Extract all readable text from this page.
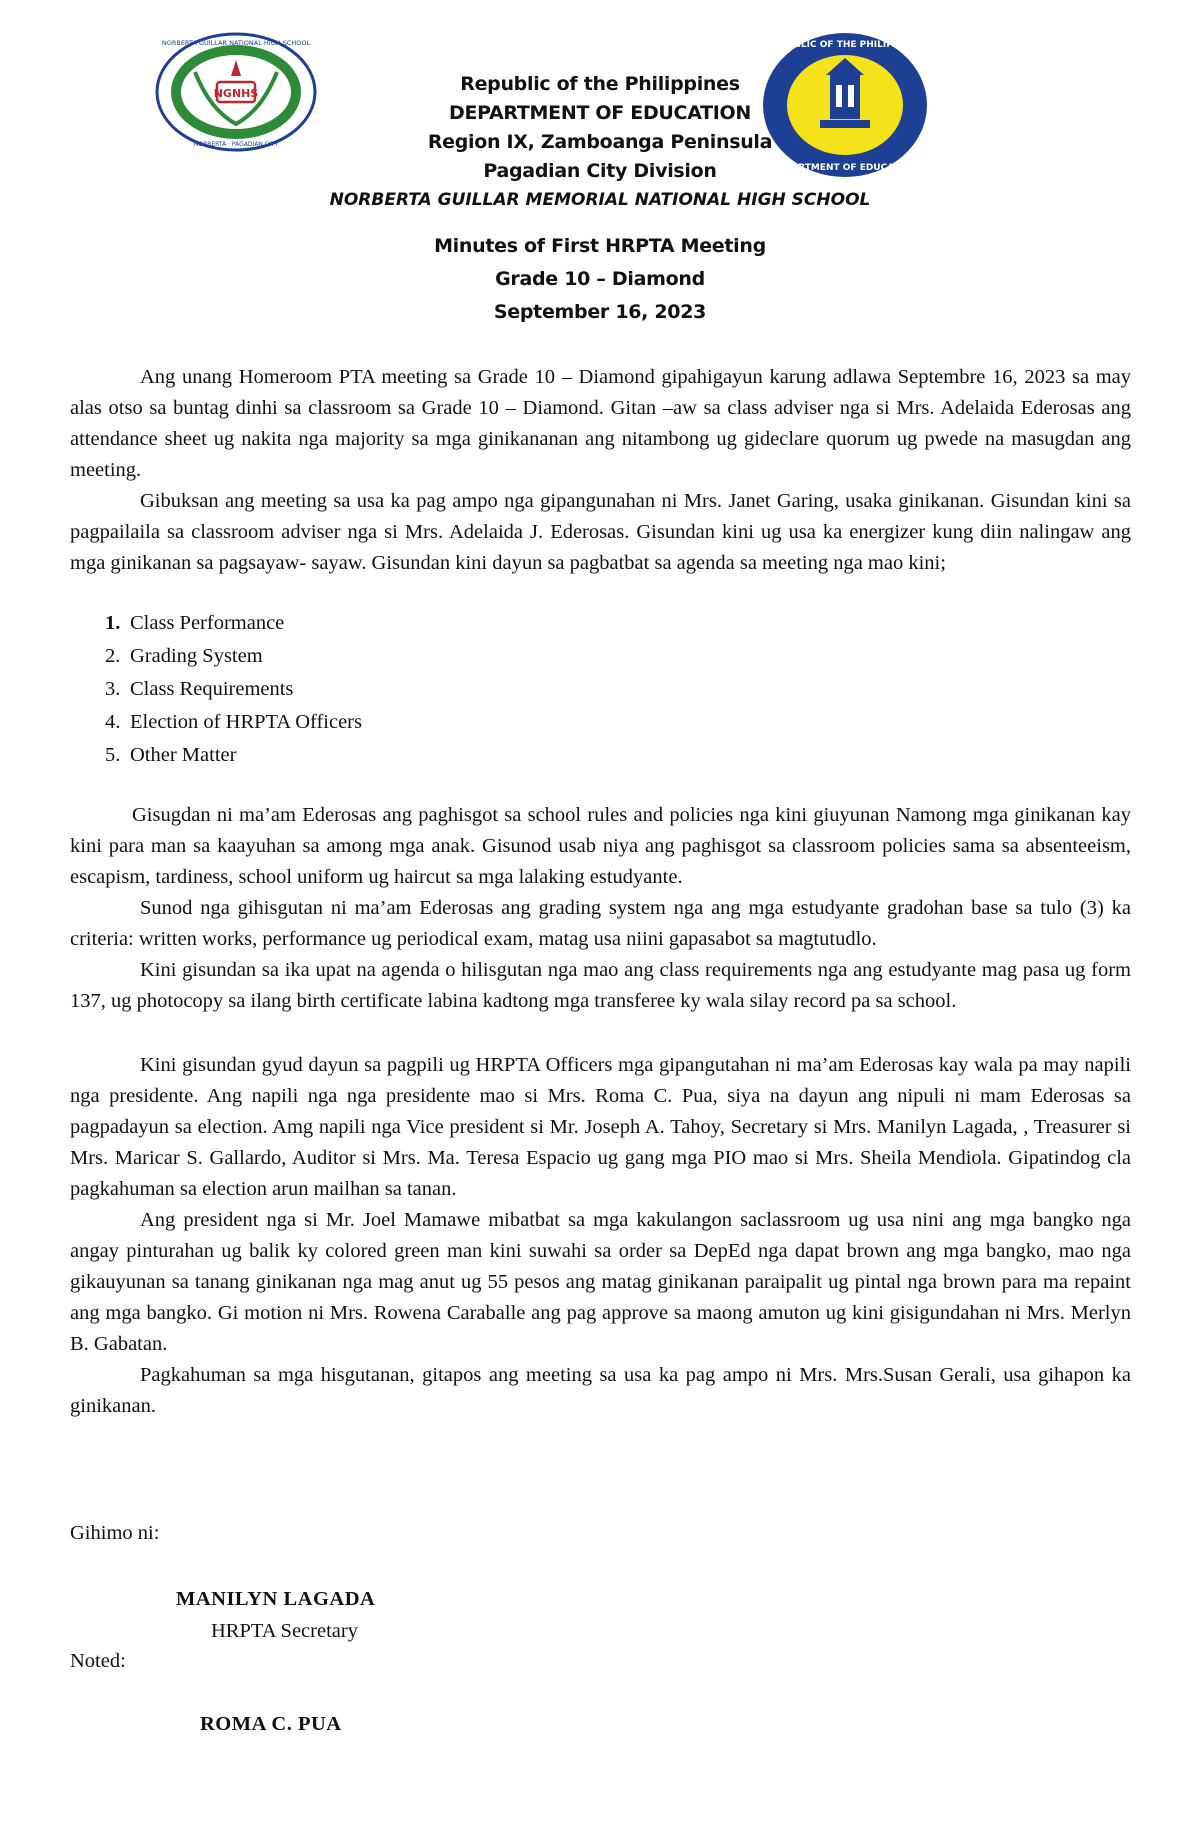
NGNHS
NORBERTA GUILLAR NATIONAL HIGH SCHOOL
NORBERTA · PAGADIAN CITY
REPUBLIC OF THE PHILIPPINES
DEPARTMENT OF EDUCATION
Republic of the Philippines
DEPARTMENT OF EDUCATION
Region IX, Zamboanga Peninsula
Pagadian City Division
NORBERTA GUILLAR MEMORIAL NATIONAL HIGH SCHOOL
Minutes of First HRPTA Meeting
Grade 10 – Diamond
September 16, 2023

Ang unang Homeroom PTA meeting sa Grade 10 – Diamond gipahigayun karung adlawa Septembre 16, 2023 sa may alas otso sa buntag dinhi sa classroom sa Grade 10 – Diamond. Gitan –aw sa class adviser nga si Mrs. Adelaida Ederosas ang attendance sheet ug nakita nga majority sa mga ginikananan ang nitambong ug gideclare quorum ug pwede na masugdan ang meeting.

Gibuksan ang meeting sa usa ka pag ampo nga gipangunahan ni Mrs. Janet Garing, usaka ginikanan. Gisundan kini sa pagpailaila sa classroom adviser nga si Mrs. Adelaida J. Ederosas. Gisundan kini ug usa ka energizer kung diin nalingaw ang mga ginikanan sa pagsayaw- sayaw. Gisundan kini dayun sa pagbatbat sa agenda sa meeting nga mao kini;

1. Class Performance
2. Grading System
3. Class Requirements
4. Election of HRPTA Officers
5. Other Matter

Gisugdan ni ma’am Ederosas ang paghisgot sa school rules and policies nga kini giuyunan Namong mga ginikanan kay kini para man sa kaayuhan sa among mga anak. Gisunod usab niya ang paghisgot sa classroom policies sama sa absenteeism, escapism, tardiness, school uniform ug haircut sa mga lalaking estudyante.

Sunod nga gihisgutan ni ma’am Ederosas ang grading system nga ang mga estudyante gradohan base sa tulo (3) ka criteria: written works, performance ug periodical exam, matag usa niini gapasabot sa magtutudlo.

Kini gisundan sa ika upat na agenda o hilisgutan nga mao ang class requirements nga ang estudyante mag pasa ug form 137, ug photocopy sa ilang birth certificate labina kadtong mga transferee ky wala silay record pa sa school.

Kini gisundan gyud dayun sa pagpili ug HRPTA Officers mga gipangutahan ni ma’am Ederosas kay wala pa may napili nga presidente. Ang napili nga nga presidente mao si Mrs. Roma C. Pua, siya na dayun ang nipuli ni mam Ederosas sa pagpadayun sa election. Amg napili nga Vice president si Mr. Joseph A. Tahoy, Secretary si Mrs. Manilyn Lagada, , Treasurer si Mrs. Maricar S. Gallardo, Auditor si Mrs. Ma. Teresa Espacio ug gang mga PIO mao si Mrs. Sheila Mendiola. Gipatindog cla pagkahuman sa election arun mailhan sa tanan.

Ang president nga si Mr. Joel Mamawe mibatbat sa mga kakulangon saclassroom ug usa nini ang mga bangko nga angay pinturahan ug balik ky colored green man kini suwahi sa order sa DepEd nga dapat brown ang mga bangko, mao nga gikauyunan sa tanang ginikanan nga mag anut ug 55 pesos ang matag ginikanan paraipalit ug pintal nga brown para ma repaint ang mga bangko. Gi motion ni Mrs. Rowena Caraballe ang pag approve sa maong amuton ug kini gisigundahan ni Mrs. Merlyn B. Gabatan.

Pagkahuman sa mga hisgutanan, gitapos ang meeting sa usa ka pag ampo ni Mrs. Mrs.Susan Gerali, usa gihapon ka ginikanan.

Gihimo ni:
MANILYN LAGADA
HRPTA Secretary
Noted:
ROMA C. PUA
